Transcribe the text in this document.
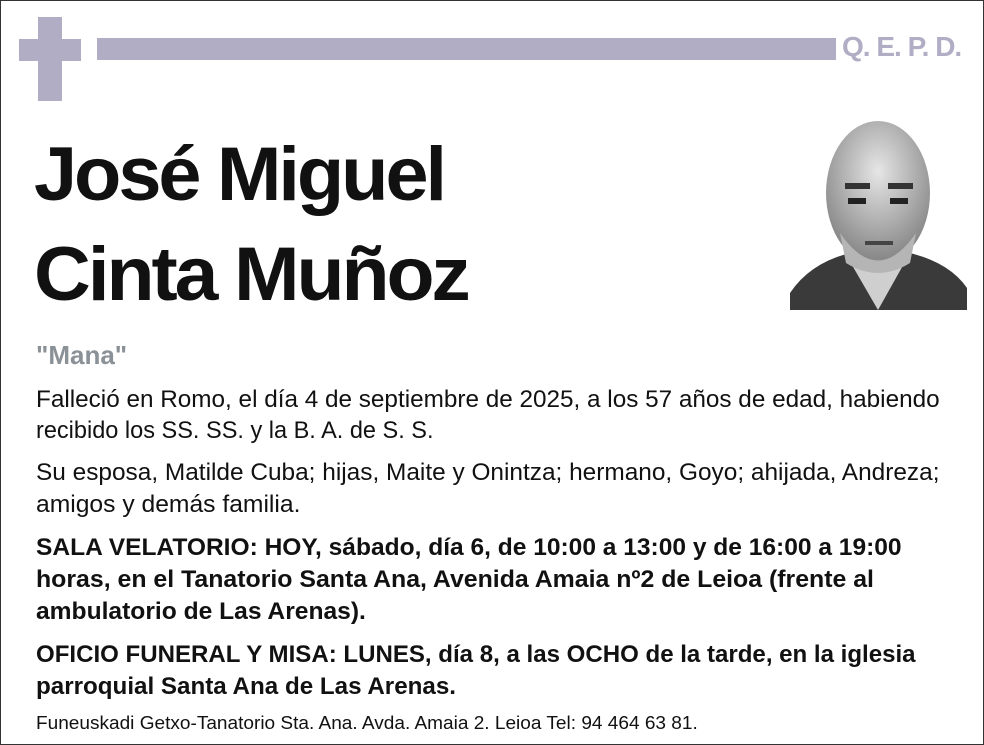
Q. E. P. D.
José Miguel
Cinta Muñoz
"Mana"
Falleció en Romo, el día 4 de septiembre de 2025, a los 57 años de edad, habiendo
recibido los SS. SS. y la B. A. de S. S.
Su esposa, Matilde Cuba; hijas, Maite y Onintza; hermano, Goyo; ahijada, Andreza;
amigos y demás familia.
SALA VELATORIO: HOY, sábado, día 6, de 10:00 a 13:00 y de 16:00 a 19:00
horas, en el Tanatorio Santa Ana, Avenida Amaia nº2 de Leioa (frente al
ambulatorio de Las Arenas).
OFICIO FUNERAL Y MISA: LUNES, día 8, a las OCHO de la tarde, en la iglesia
parroquial Santa Ana de Las Arenas.
Funeuskadi Getxo-Tanatorio Sta. Ana. Avda. Amaia 2. Leioa Tel: 94 464 63 81.
